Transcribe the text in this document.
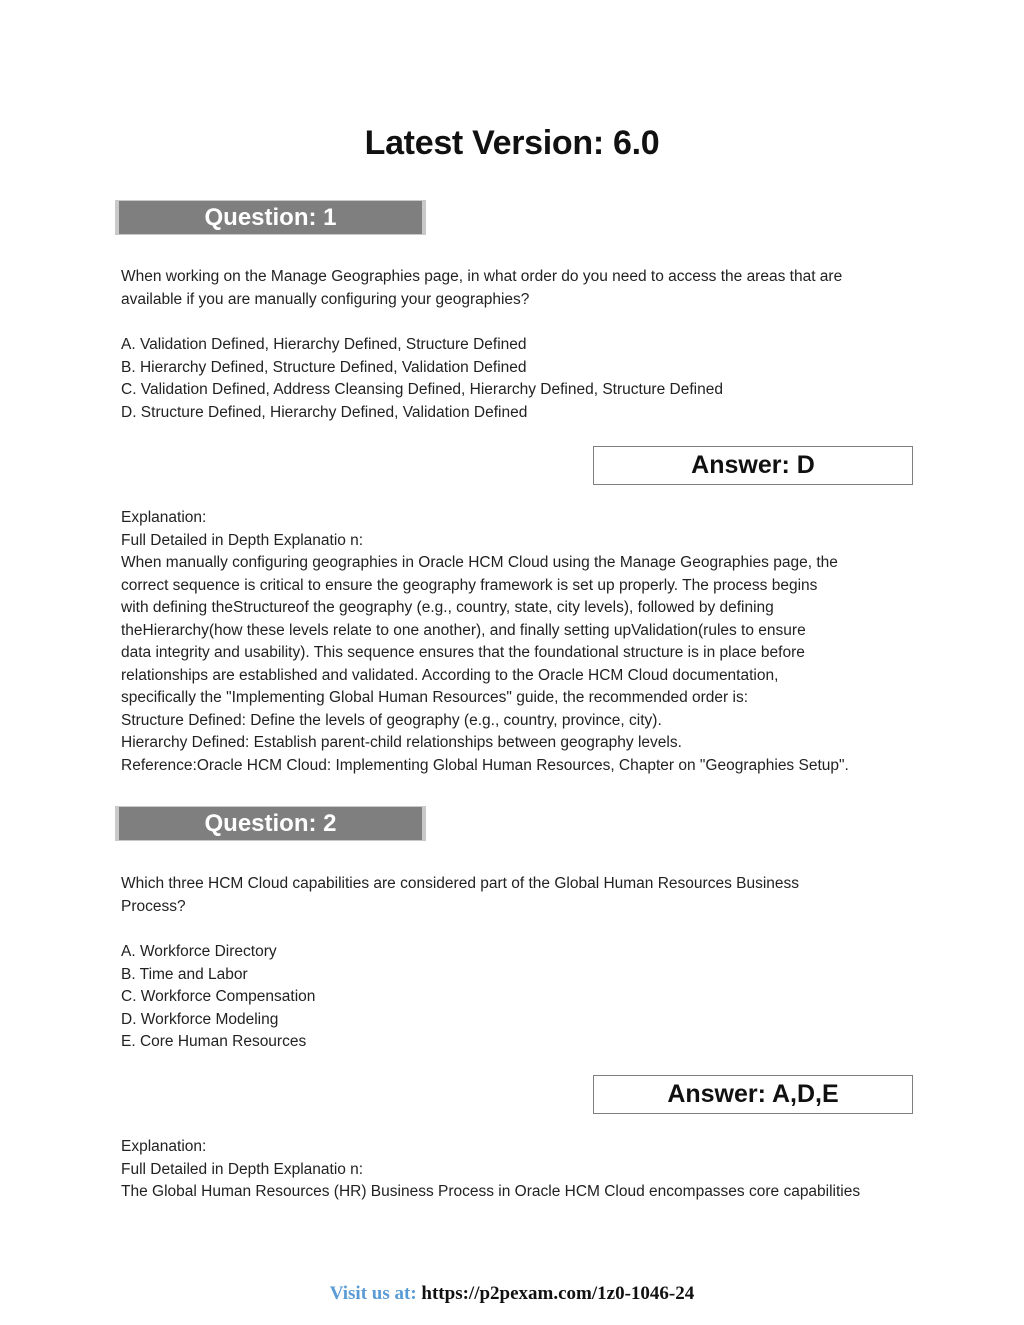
Latest Version: 6.0
Question: 1

When working on the Manage Geographies page, in what order do you need to access the areas that are

available if you are manually configuring your geographies?

A. Validation Defined, Hierarchy Defined, Structure Defined

B. Hierarchy Defined, Structure Defined, Validation Defined

C. Validation Defined, Address Cleansing Defined, Hierarchy Defined, Structure Defined

D. Structure Defined, Hierarchy Defined, Validation Defined

Answer: D

Explanation:

Full Detailed in Depth Explanatio n:

When manually configuring geographies in Oracle HCM Cloud using the Manage Geographies page, the

correct sequence is critical to ensure the geography framework is set up properly. The process begins

with defining theStructureof the geography (e.g., country, state, city levels), followed by defining

theHierarchy(how these levels relate to one another), and finally setting upValidation(rules to ensure

data integrity and usability). This sequence ensures that the foundational structure is in place before

relationships are established and validated. According to the Oracle HCM Cloud documentation,

specifically the "Implementing Global Human Resources" guide, the recommended order is:

Structure Defined: Define the levels of geography (e.g., country, province, city).

Hierarchy Defined: Establish parent-child relationships between geography levels.

Reference:Oracle HCM Cloud: Implementing Global Human Resources, Chapter on "Geographies Setup".

Question: 2

Which three HCM Cloud capabilities are considered part of the Global Human Resources Business

Process?

A. Workforce Directory

B. Time and Labor

C. Workforce Compensation

D. Workforce Modeling

E. Core Human Resources

Answer: A,D,E

Explanation:

Full Detailed in Depth Explanatio n:

The Global Human Resources (HR) Business Process in Oracle HCM Cloud encompasses core capabilities

Visit us at: https://p2pexam.com/1z0-1046-24
